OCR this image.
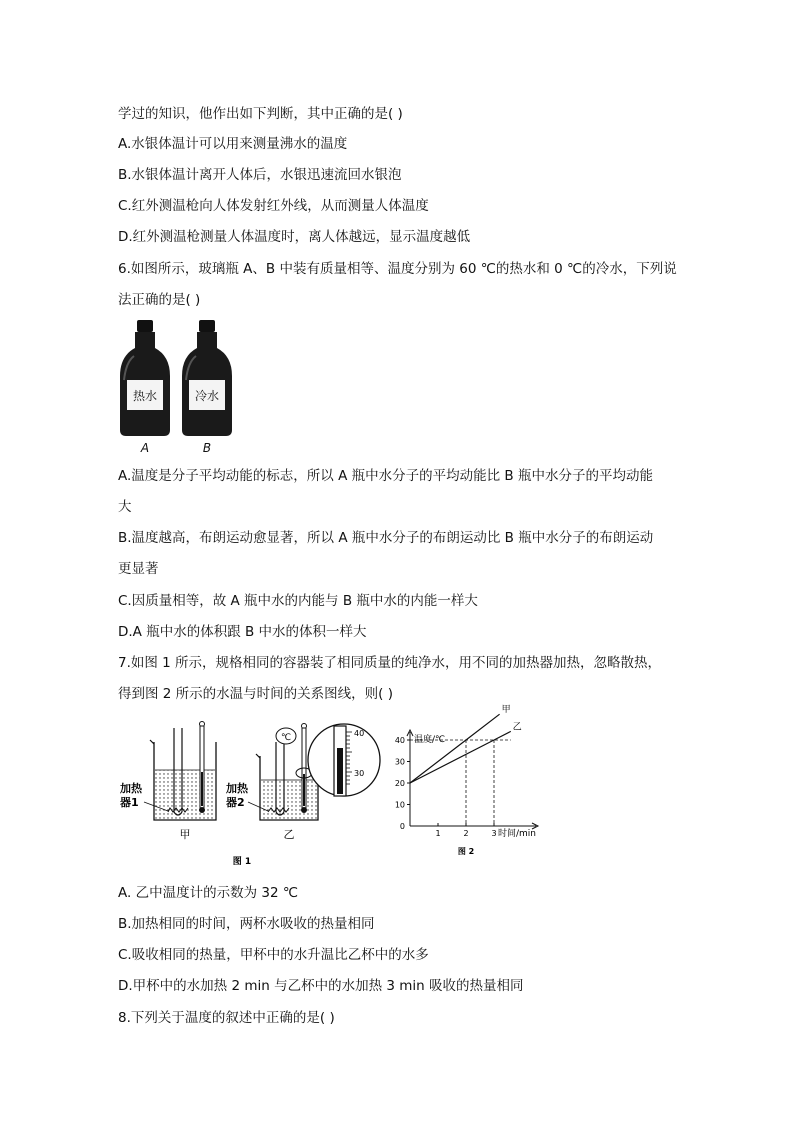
学过的知识，他作出如下判断，其中正确的是( )
A.水银体温计可以用来测量沸水的温度
B.水银体温计离开人体后，水银迅速流回水银泡
C.红外测温枪向人体发射红外线，从而测量人体温度
D.红外测温枪测量人体温度时，离人体越远，显示温度越低
6.如图所示，玻璃瓶 A、B 中装有质量相等、温度分别为 60 ℃的热水和 0 ℃的冷水，下列说
法正确的是( )
热水
A
冷水
B
A.温度是分子平均动能的标志，所以 A 瓶中水分子的平均动能比 B 瓶中水分子的平均动能
大
B.温度越高，布朗运动愈显著，所以 A 瓶中水分子的布朗运动比 B 瓶中水分子的布朗运动
更显著
C.因质量相等，故 A 瓶中水的内能与 B 瓶中水的内能一样大
D.A 瓶中水的体积跟 B 中水的体积一样大
7.如图 1 所示，规格相同的容器装了相同质量的纯净水，用不同的加热器加热，忽略散热，
得到图 2 所示的水温与时间的关系图线，则( )
加热
器1
甲
℃
加热
器2
乙
40
30
图 1
0
10
20
30
40
1	2	3
甲
乙
温度/℃
时间/min
图 2
A. 乙中温度计的示数为 32 ℃
B.加热相同的时间，两杯水吸收的热量相同
C.吸收相同的热量，甲杯中的水升温比乙杯中的水多
D.甲杯中的水加热 2 min 与乙杯中的水加热 3 min 吸收的热量相同
8.下列关于温度的叙述中正确的是( )
